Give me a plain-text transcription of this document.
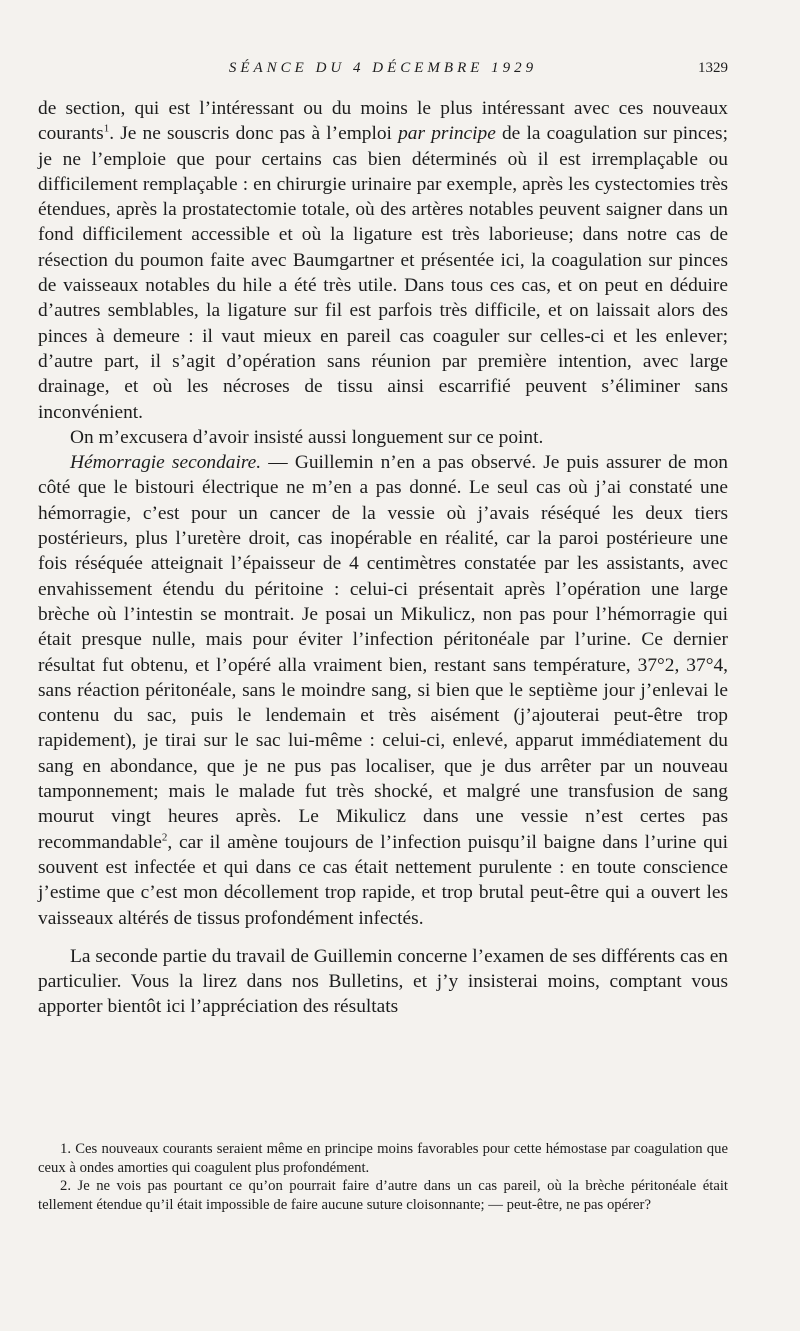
SÉANCE DU 4 DÉCEMBRE 1929	1329

de section, qui est l’intéressant ou du moins le plus intéressant avec ces nouveaux courants$^1$. Je ne souscris donc pas à l’emploi par principe de la coagulation sur pinces; je ne l’emploie que pour certains cas bien déterminés où il est irremplaçable ou difficilement remplaçable : en chirurgie urinaire par exemple, après les cystectomies très étendues, après la prostatectomie totale, où des artères notables peuvent saigner dans un fond difficilement accessible et où la ligature est très laborieuse; dans notre cas de résection du poumon faite avec Baumgartner et présentée ici, la coagulation sur pinces de vaisseaux notables du hile a été très utile. Dans tous ces cas, et on peut en déduire d’autres semblables, la ligature sur fil est parfois très difficile, et on laissait alors des pinces à demeure : il vaut mieux en pareil cas coaguler sur celles-ci et les enlever; d’autre part, il s’agit d’opération sans réunion par première intention, avec large drainage, et où les nécroses de tissu ainsi escarrifié peuvent s’éliminer sans inconvénient.

On m’excusera d’avoir insisté aussi longuement sur ce point.

Hémorragie secondaire. — Guillemin n’en a pas observé. Je puis assurer de mon côté que le bistouri électrique ne m’en a pas donné. Le seul cas où j’ai constaté une hémorragie, c’est pour un cancer de la vessie où j’avais réséqué les deux tiers postérieurs, plus l’uretère droit, cas inopérable en réalité, car la paroi postérieure une fois réséquée atteignait l’épaisseur de 4 centimètres constatée par les assistants, avec envahissement étendu du péritoine : celui-ci présentait après l’opération une large brèche où l’intestin se montrait. Je posai un Mikulicz, non pas pour l’hémorragie qui était presque nulle, mais pour éviter l’infection péritonéale par l’urine. Ce dernier résultat fut obtenu, et l’opéré alla vraiment bien, restant sans température, 37°2, 37°4, sans réaction péritonéale, sans le moindre sang, si bien que le septième jour j’enlevai le contenu du sac, puis le lendemain et très aisément (j’ajouterai peut-être trop rapidement), je tirai sur le sac lui-même : celui-ci, enlevé, apparut immédiatement du sang en abondance, que je ne pus pas localiser, que je dus arrêter par un nouveau tamponnement; mais le malade fut très shocké, et malgré une transfusion de sang mourut vingt heures après. Le Mikulicz dans une vessie n’est certes pas recommandable$^2$, car il amène toujours de l’infection puisqu’il baigne dans l’urine qui souvent est infectée et qui dans ce cas était nettement purulente : en toute conscience j’estime que c’est mon décollement trop rapide, et trop brutal peut-être qui a ouvert les vaisseaux altérés de tissus profondément infectés.

La seconde partie du travail de Guillemin concerne l’examen de ses différents cas en particulier. Vous la lirez dans nos Bulletins, et j’y insisterai moins, comptant vous apporter bientôt ici l’appréciation des résultats

1. Ces nouveaux courants seraient même en principe moins favorables pour cette hémostase par coagulation que ceux à ondes amorties qui coagulent plus profondément.

2. Je ne vois pas pourtant ce qu’on pourrait faire d’autre dans un cas pareil, où la brèche péritonéale était tellement étendue qu’il était impossible de faire aucune suture cloisonnante; — peut-être, ne pas opérer?
